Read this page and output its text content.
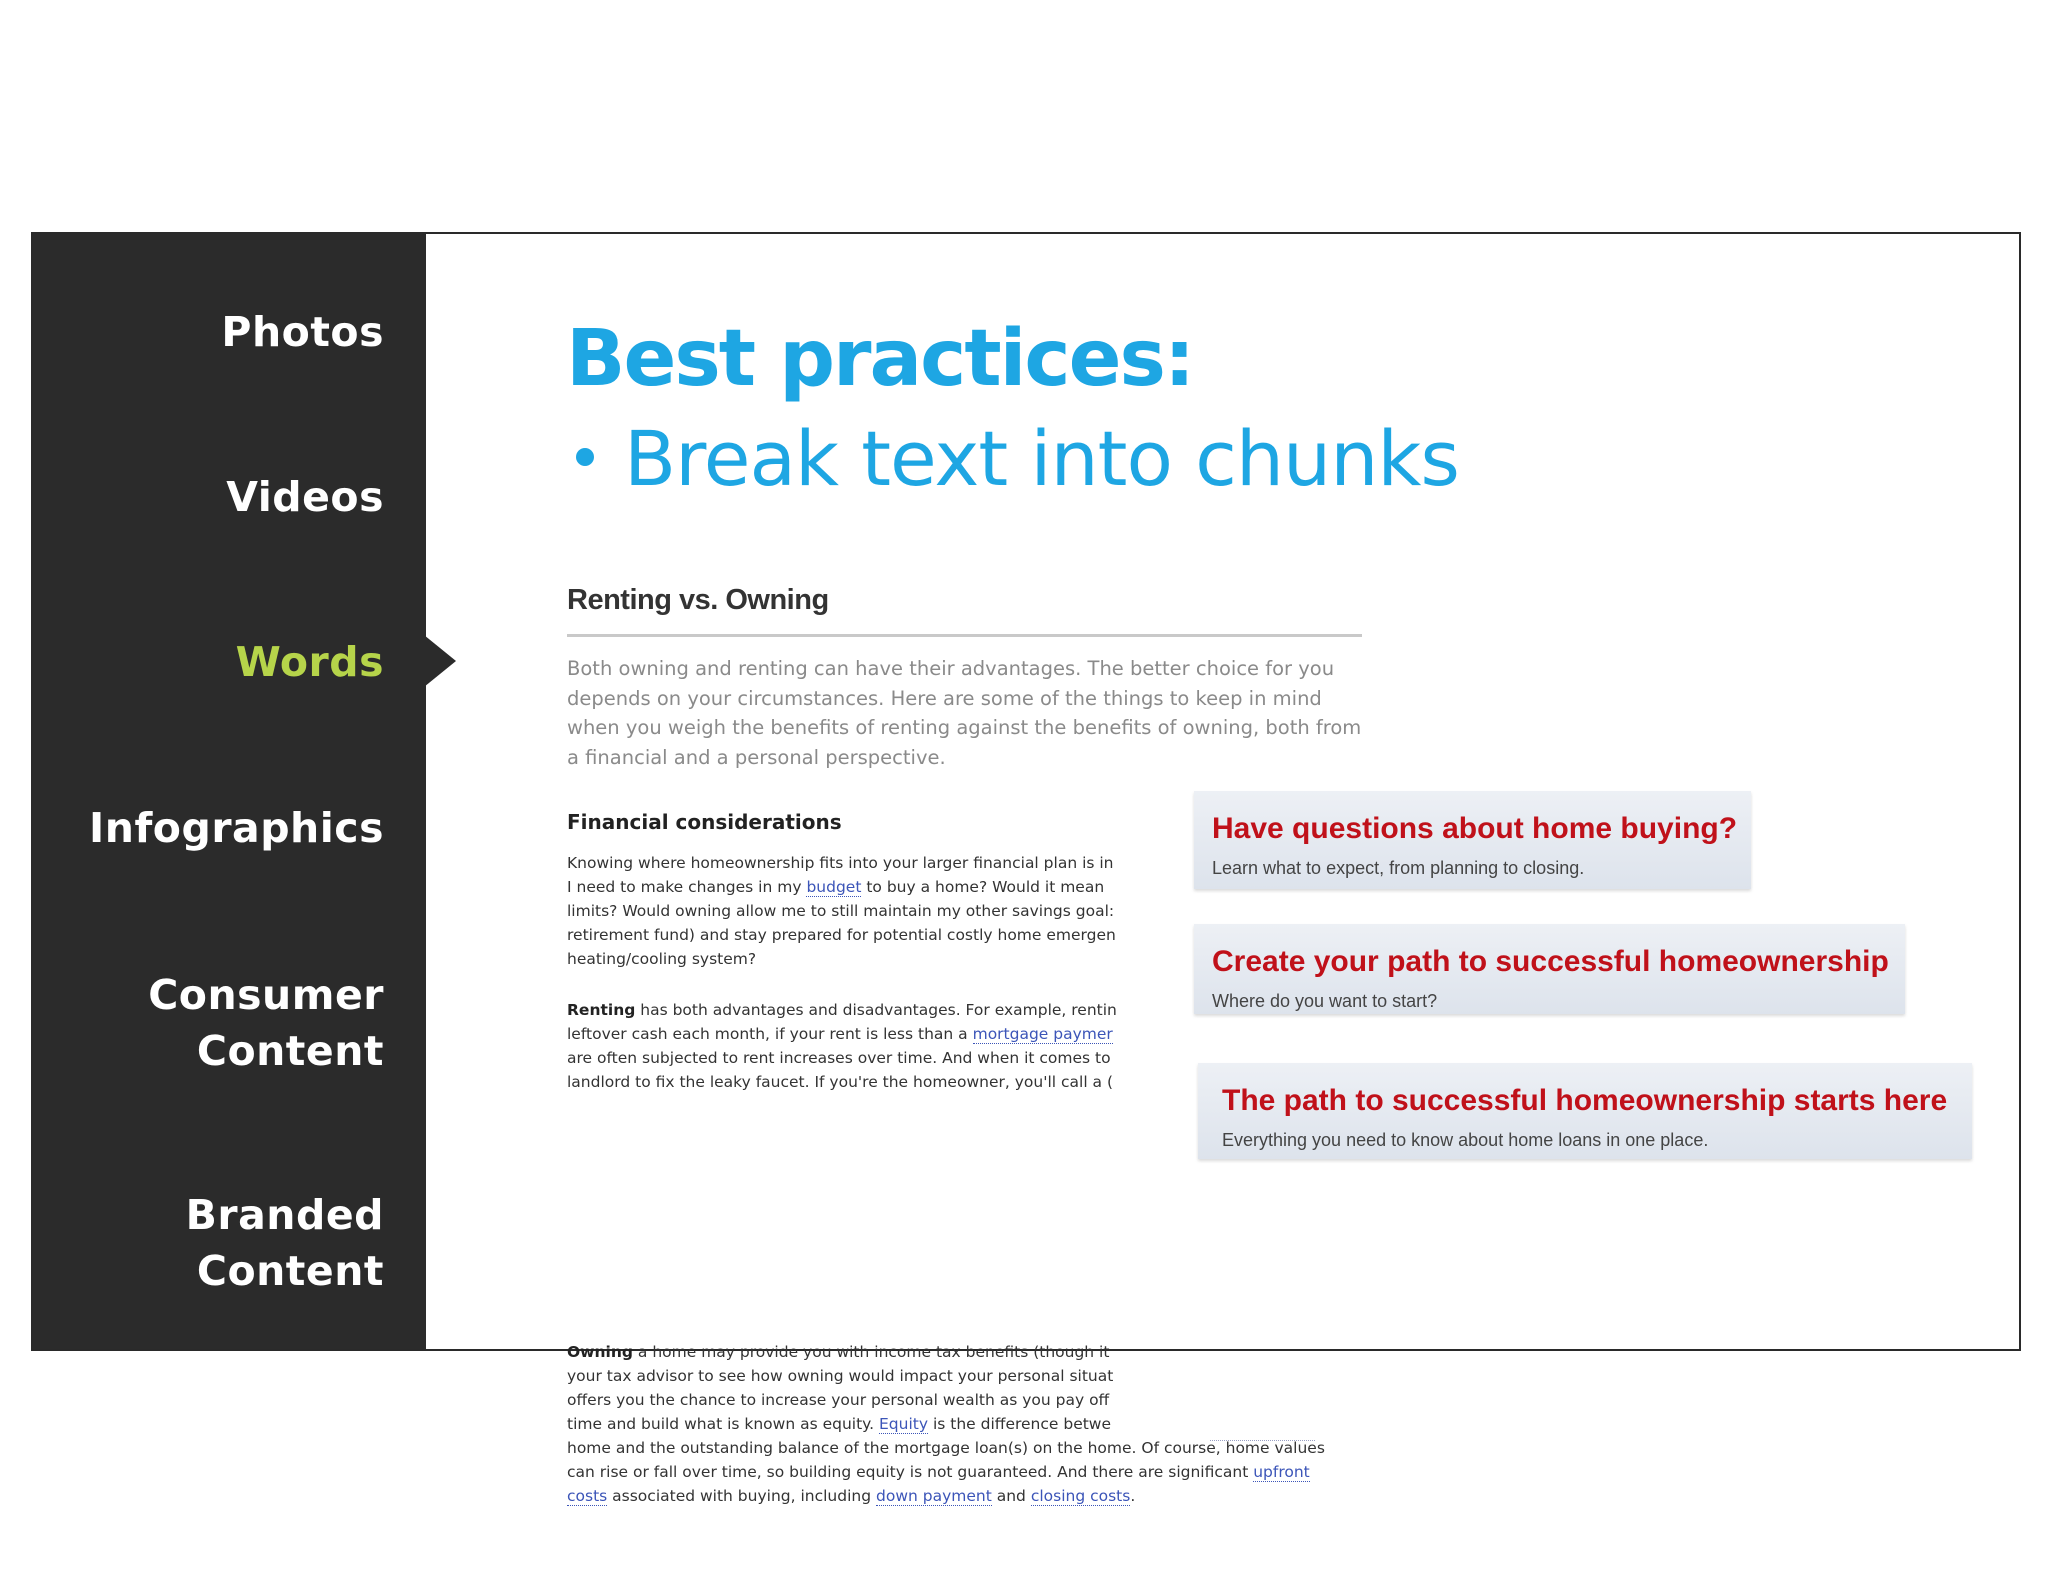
Photos
Videos
Words
Infographics
Consumer
Content
Branded
Content
Best practices:
Break text into chunks
Renting vs. Owning
Both owning and renting can have their advantages. The better choice for you
depends on your circumstances. Here are some of the things to keep in mind
when you weigh the benefits of renting against the benefits of owning, both from
a financial and a personal perspective.
Financial considerations
Knowing where homeownership fits into your larger financial plan is in
I need to make changes in my budget to buy a home? Would it mean
limits? Would owning allow me to still maintain my other savings goal:
retirement fund) and stay prepared for potential costly home emergen
heating/cooling system?
Renting has both advantages and disadvantages. For example, rentin
leftover cash each month, if your rent is less than a mortgage paymer
are often subjected to rent increases over time. And when it comes to
landlord to fix the leaky faucet. If you're the homeowner, you'll call a (
Owning a home may provide you with income tax benefits (though it
your tax advisor to see how owning would impact your personal situat
offers you the chance to increase your personal wealth as you pay off
time and build what is known as equity. Equity is the difference betwe
home and the outstanding balance of the mortgage loan(s) on the home. Of course, home values
can rise or fall over time, so building equity is not guaranteed. And there are significant upfront
costs associated with buying, including down payment and closing costs.
Have questions about home buying?
Learn what to expect, from planning to closing.
Create your path to successful homeownership
Where do you want to start?
The path to successful homeownership starts here
Everything you need to know about home loans in one place.
